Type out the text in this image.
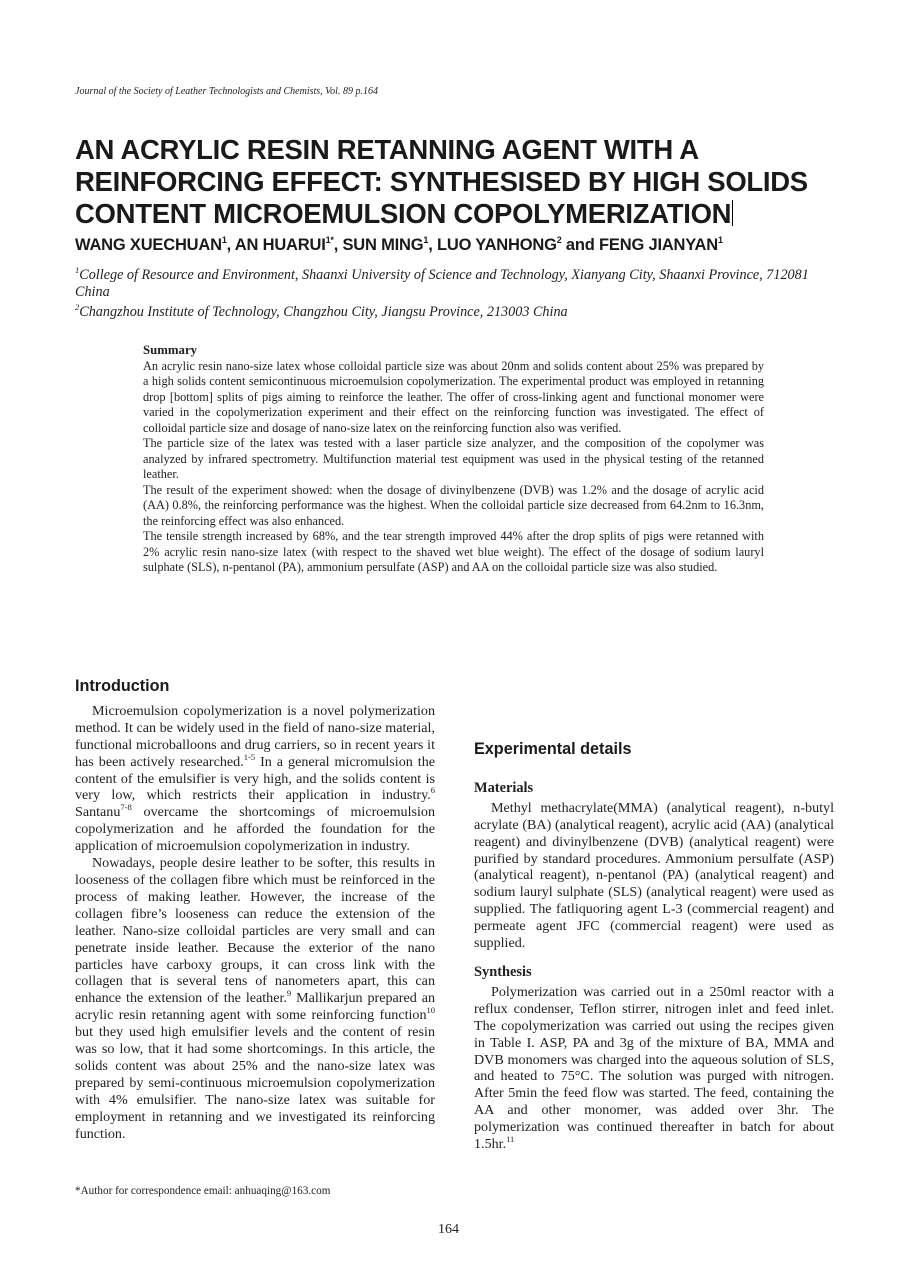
Journal of the Society of Leather Technologists and Chemists, Vol. 89 p.164
AN ACRYLIC RESIN RETANNING AGENT WITH A
REINFORCING EFFECT: SYNTHESISED BY HIGH SOLIDS
CONTENT MICROEMULSION COPOLYMERIZATION
WANG XUECHUAN$^1$, AN $HUARUI^{1*}$, SUN MING$^1$, LUO YANHONG$^2$ and FENG JIANYAN$^1$
$^1$College of Resource and Environment, Shaanxi University of Science and Technology, Xianyang City, Shaanxi Province, 712081 China
$^2$Changzhou Institute of Technology, Changzhou City, Jiangsu Province, 213003 China
Summary

An acrylic resin nano-size latex whose colloidal particle size was about 20nm and solids content about 25% was prepared by a high solids content semicontinuous microemulsion copolymerization. The experimental product was employed in retanning drop [bottom] splits of pigs aiming to reinforce the leather. The offer of cross-linking agent and functional monomer were varied in the copolymerization experiment and their effect on the reinforcing function was investigated. The effect of colloidal particle size and dosage of nano-size latex on the reinforcing function also was verified.

The particle size of the latex was tested with a laser particle size analyzer, and the composition of the copolymer was analyzed by infrared spectrometry. Multifunction material test equipment was used in the physical testing of the retanned leather.

The result of the experiment showed: when the dosage of divinylbenzene (DVB) was 1.2% and the dosage of acrylic acid (AA) 0.8%, the reinforcing performance was the highest. When the colloidal particle size decreased from 64.2nm to 16.3nm, the reinforcing effect was also enhanced.

The tensile strength increased by 68%, and the tear strength improved 44% after the drop splits of pigs were retanned with 2% acrylic resin nano-size latex (with respect to the shaved wet blue weight). The effect of the dosage of sodium lauryl sulphate (SLS), n-pentanol (PA), ammonium persulfate (ASP) and AA on the colloidal particle size was also studied.

Introduction

Microemulsion copolymerization is a novel polymerization method. It can be widely used in the field of nano-size material, functional microballoons and drug carriers, so in recent years it has been actively researched.$^{1-5}$ In a general micromulsion the content of the emulsifier is very high, and the solids content is very low, which restricts their application in industry.$^6$ Santanu$^{7-8}$ overcame the shortcomings of microemulsion copolymerization and he afforded the foundation for the application of microemulsion copolymerization in industry.

Nowadays, people desire leather to be softer, this results in looseness of the collagen fibre which must be reinforced in the process of making leather. However, the increase of the collagen fibre’s looseness can reduce the extension of the leather. Nano-size colloidal particles are very small and can penetrate inside leather. Because the exterior of the nano particles have carboxy groups, it can cross link with the collagen that is several tens of nanometers apart, this can enhance the extension of the leather.$^9$ Mallikarjun prepared an acrylic resin retanning agent with some reinforcing function$^{10}$ but they used high emulsifier levels and the content of resin was so low, that it had some shortcomings. In this article, the solids content was about 25% and the nano-size latex was prepared by semi-continuous microemulsion copolymerization with 4% emulsifier. The nano-size latex was suitable for employment in retanning and we investigated its reinforcing function.

Experimental details
Materials

Methyl methacrylate(MMA) (analytical reagent), n-butyl acrylate (BA) (analytical reagent), acrylic acid (AA) (analytical reagent) and divinylbenzene (DVB) (analytical reagent) were purified by standard procedures. Ammonium persulfate (ASP) (analytical reagent), n-pentanol (PA) (analytical reagent) and sodium lauryl sulphate (SLS) (analytical reagent) were used as supplied. The fatliquoring agent L-3 (commercial reagent) and permeate agent JFC (commercial reagent) were used as supplied.

Synthesis

Polymerization was carried out in a 250ml reactor with a reflux condenser, Teflon stirrer, nitrogen inlet and feed inlet. The copolymerization was carried out using the recipes given in Table I. ASP, PA and 3g of the mixture of BA, MMA and DVB monomers was charged into the aqueous solution of SLS, and heated to 75°C. The solution was purged with nitrogen. After 5min the feed flow was started. The feed, containing the AA and other monomer, was added over 3hr. The polymerization was continued thereafter in batch for about 1.5hr.$^{11}$

*Author for correspondence email: anhuaqing@163.com
164
